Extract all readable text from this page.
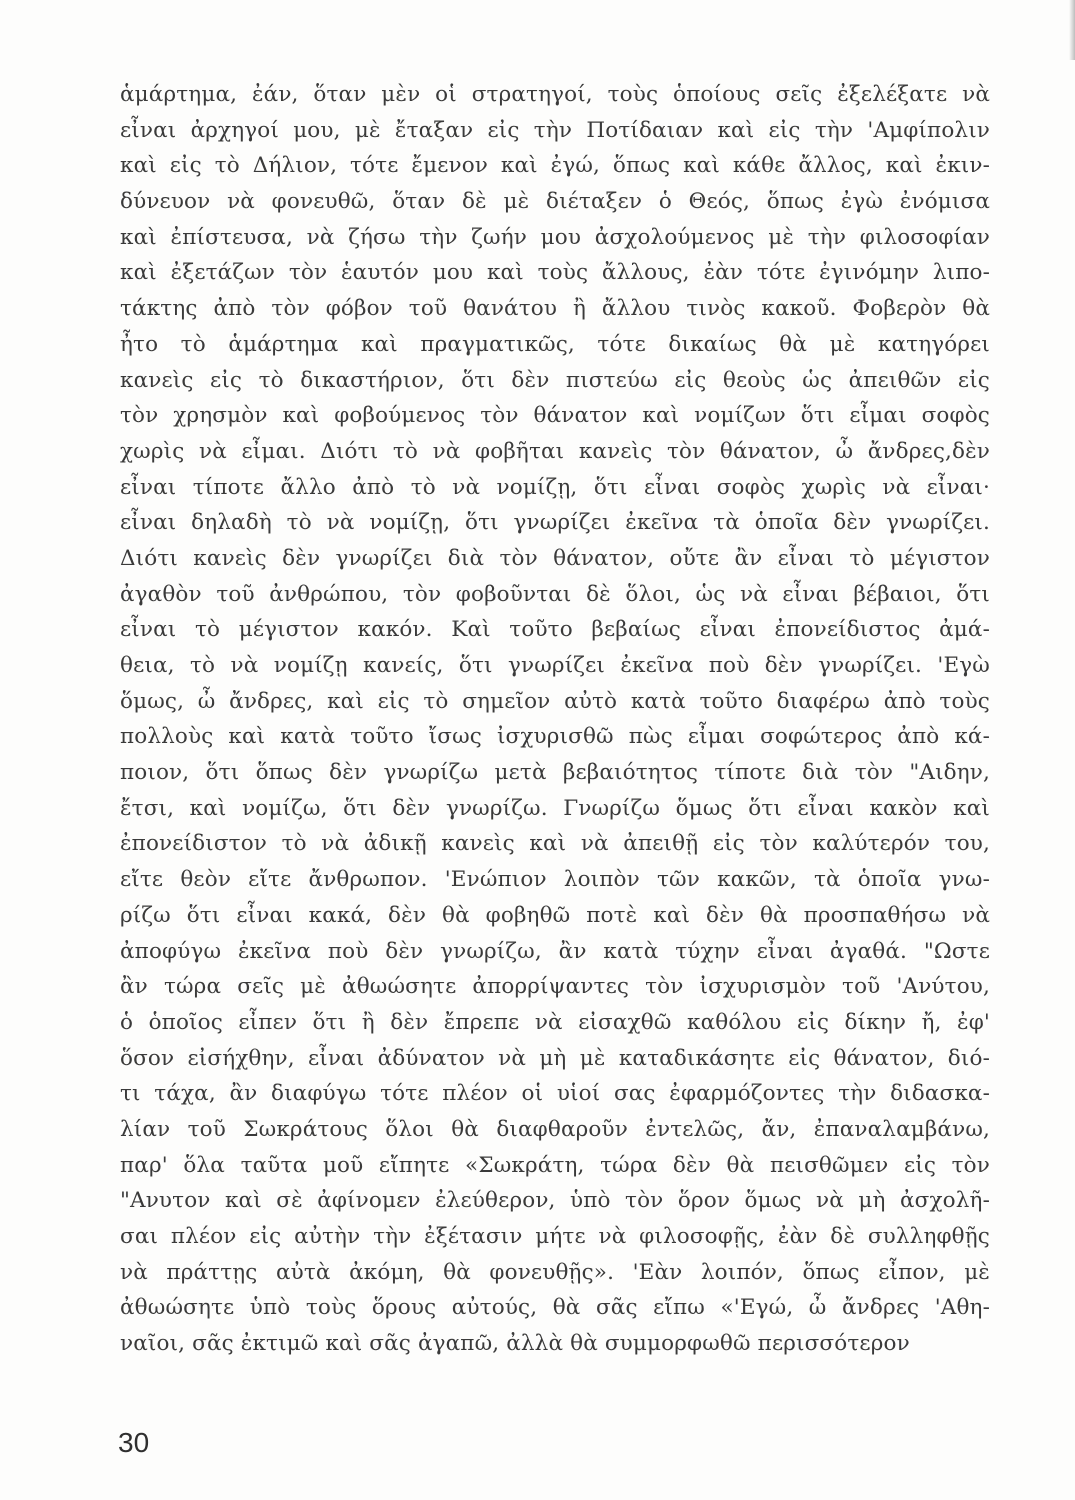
ἁμάρτημα, ἐάν, ὅταν μὲν οἱ στρατηγοί, τοὺς ὁποίους σεῖς ἐξελέξατε νὰ
εἶναι ἀρχηγοί μου, μὲ ἔταξαν εἰς τὴν Ποτίδαιαν καὶ εἰς τὴν 'Αμφίπολιν
καὶ εἰς τὸ Δήλιον, τότε ἔμενον καὶ ἐγώ, ὅπως καὶ κάθε ἄλλος, καὶ ἐκιν-
δύνευον νὰ φονευθῶ, ὅταν δὲ μὲ διέταξεν ὁ Θεός, ὅπως ἐγὼ ἐνόμισα
καὶ ἐπίστευσα, νὰ ζήσω τὴν ζωήν μου ἀσχολούμενος μὲ τὴν φιλοσοφίαν
καὶ ἐξετάζων τὸν ἑαυτόν μου καὶ τοὺς ἄλλους, ἐὰν τότε ἐγινόμην λιπο-
τάκτης ἀπὸ τὸν φόβον τοῦ θανάτου ἢ ἄλλου τινὸς κακοῦ. Φοβερὸν θὰ
ἦτο τὸ ἁμάρτημα καὶ πραγματικῶς, τότε δικαίως θὰ μὲ κατηγόρει
κανεὶς εἰς τὸ δικαστήριον, ὅτι δὲν πιστεύω εἰς θεοὺς ὡς ἀπειθῶν εἰς
τὸν χρησμὸν καὶ φοβούμενος τὸν θάνατον καὶ νομίζων ὅτι εἶμαι σοφὸς
χωρὶς νὰ εἶμαι. Διότι τὸ νὰ φοβῆται κανεὶς τὸν θάνατον, ὦ ἄνδρες,δὲν
εἶναι τίποτε ἄλλο ἀπὸ τὸ νὰ νομίζῃ, ὅτι εἶναι σοφὸς χωρὶς νὰ εἶναι·
εἶναι δηλαδὴ τὸ νὰ νομίζῃ, ὅτι γνωρίζει ἐκεῖνα τὰ ὁποῖα δὲν γνωρίζει.
Διότι κανεὶς δὲν γνωρίζει διὰ τὸν θάνατον, οὔτε ἂν εἶναι τὸ μέγιστον
ἀγαθὸν τοῦ ἀνθρώπου, τὸν φοβοῦνται δὲ ὅλοι, ὡς νὰ εἶναι βέβαιοι, ὅτι
εἶναι τὸ μέγιστον κακόν. Καὶ τοῦτο βεβαίως εἶναι ἐπονείδιστος ἀμά-
θεια, τὸ νὰ νομίζῃ κανείς, ὅτι γνωρίζει ἐκεῖνα ποὺ δὲν γνωρίζει. 'Εγὼ
ὅμως, ὦ ἄνδρες, καὶ εἰς τὸ σημεῖον αὐτὸ κατὰ τοῦτο διαφέρω ἀπὸ τοὺς
πολλοὺς καὶ κατὰ τοῦτο ἴσως ἰσχυρισθῶ πὼς εἶμαι σοφώτερος ἀπὸ κά-
ποιον, ὅτι ὅπως δὲν γνωρίζω μετὰ βεβαιότητος τίποτε διὰ τὸν "Αιδην,
ἔτσι, καὶ νομίζω, ὅτι δὲν γνωρίζω. Γνωρίζω ὅμως ὅτι εἶναι κακὸν καὶ
ἐπονείδιστον τὸ νὰ ἀδικῇ κανεὶς καὶ νὰ ἀπειθῇ εἰς τὸν καλύτερόν του,
εἴτε θεὸν εἴτε ἄνθρωπον. 'Ενώπιον λοιπὸν τῶν κακῶν, τὰ ὁποῖα γνω-
ρίζω ὅτι εἶναι κακά, δὲν θὰ φοβηθῶ ποτὲ καὶ δὲν θὰ προσπαθήσω νὰ
ἀποφύγω ἐκεῖνα ποὺ δὲν γνωρίζω, ἂν κατὰ τύχην εἶναι ἀγαθά. "Ωστε
ἂν τώρα σεῖς μὲ ἀθωώσητε ἀπορρίψαντες τὸν ἰσχυρισμὸν τοῦ 'Ανύτου,
ὁ ὁποῖος εἶπεν ὅτι ἢ δὲν ἔπρεπε νὰ εἰσαχθῶ καθόλου εἰς δίκην ἤ, ἐφ'
ὅσον εἰσήχθην, εἶναι ἀδύνατον νὰ μὴ μὲ καταδικάσητε εἰς θάνατον, διό-
τι τάχα, ἂν διαφύγω τότε πλέον οἱ υἱοί σας ἐφαρμόζοντες τὴν διδασκα-
λίαν τοῦ Σωκράτους ὅλοι θὰ διαφθαροῦν ἐντελῶς, ἄν, ἐπαναλαμβάνω,
παρ' ὅλα ταῦτα μοῦ εἴπητε «Σωκράτη, τώρα δὲν θὰ πεισθῶμεν εἰς τὸν
"Ανυτον καὶ σὲ ἀφίνομεν ἐλεύθερον, ὑπὸ τὸν ὅρον ὅμως νὰ μὴ ἀσχολῆ-
σαι πλέον εἰς αὐτὴν τὴν ἐξέτασιν μήτε νὰ φιλοσοφῇς, ἐὰν δὲ συλληφθῇς
νὰ πράττῃς αὐτὰ ἀκόμη, θὰ φονευθῇς». 'Εὰν λοιπόν, ὅπως εἶπον, μὲ
ἀθωώσητε ὑπὸ τοὺς ὅρους αὐτούς, θὰ σᾶς εἴπω «'Εγώ, ὦ ἄνδρες 'Αθη-
ναῖοι, σᾶς ἐκτιμῶ καὶ σᾶς ἀγαπῶ, ἀλλὰ θὰ συμμορφωθῶ περισσότερον
30
